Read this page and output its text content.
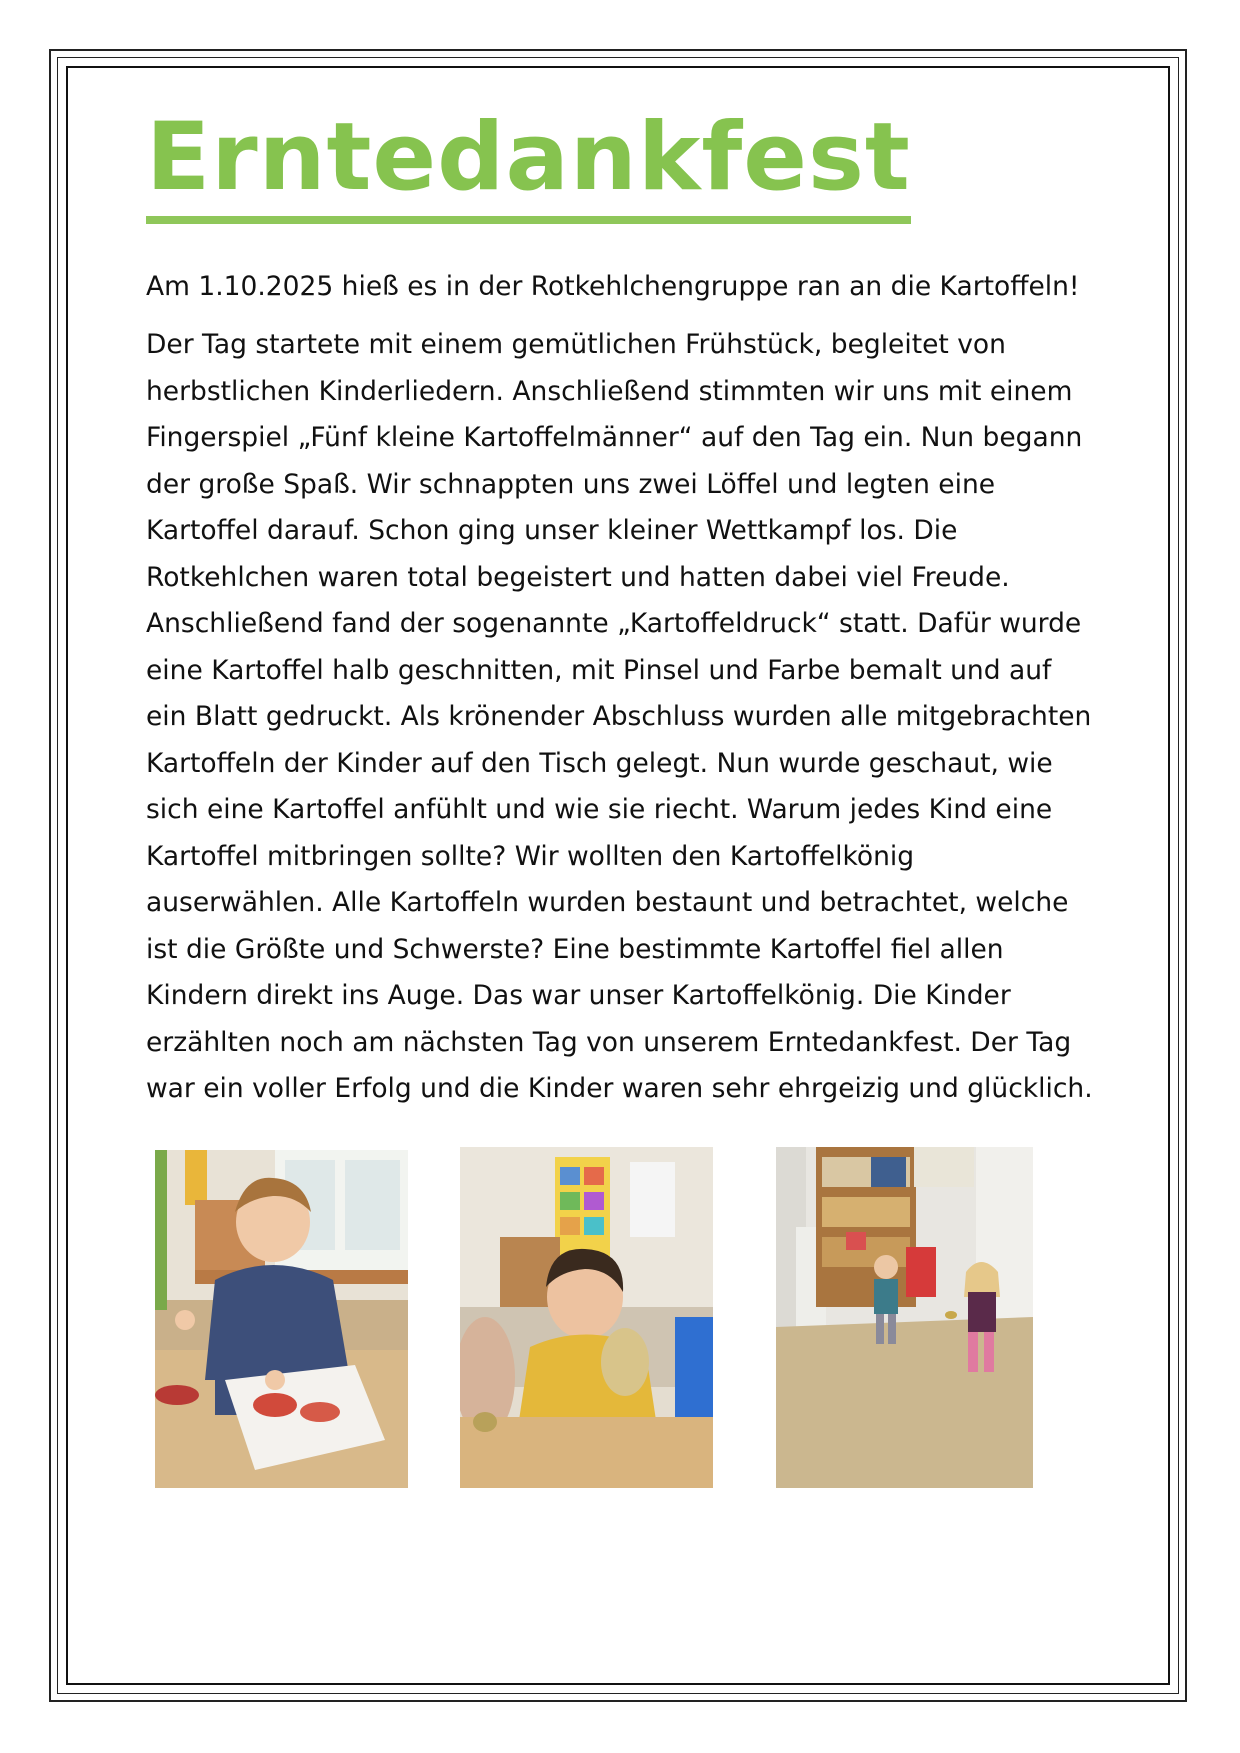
Erntedankfest

Am 1.10.2025 hieß es in der Rotkehlchengruppe ran an die Kartoffeln!

Der Tag startete mit einem gemütlichen Frühstück, begleitet von
herbstlichen Kinderliedern. Anschließend stimmten wir uns mit einem
Fingerspiel „Fünf kleine Kartoffelmänner“ auf den Tag ein. Nun begann
der große Spaß. Wir schnappten uns zwei Löffel und legten eine
Kartoffel darauf. Schon ging unser kleiner Wettkampf los. Die
Rotkehlchen waren total begeistert und hatten dabei viel Freude.
Anschließend fand der sogenannte „Kartoffeldruck“ statt. Dafür wurde
eine Kartoffel halb geschnitten, mit Pinsel und Farbe bemalt und auf
ein Blatt gedruckt. Als krönender Abschluss wurden alle mitgebrachten
Kartoffeln der Kinder auf den Tisch gelegt. Nun wurde geschaut, wie
sich eine Kartoffel anfühlt und wie sie riecht. Warum jedes Kind eine
Kartoffel mitbringen sollte? Wir wollten den Kartoffelkönig
auserwählen. Alle Kartoffeln wurden bestaunt und betrachtet, welche
ist die Größte und Schwerste? Eine bestimmte Kartoffel fiel allen
Kindern direkt ins Auge. Das war unser Kartoffelkönig. Die Kinder
erzählten noch am nächsten Tag von unserem Erntedankfest. Der Tag
war ein voller Erfolg und die Kinder waren sehr ehrgeizig und glücklich.
